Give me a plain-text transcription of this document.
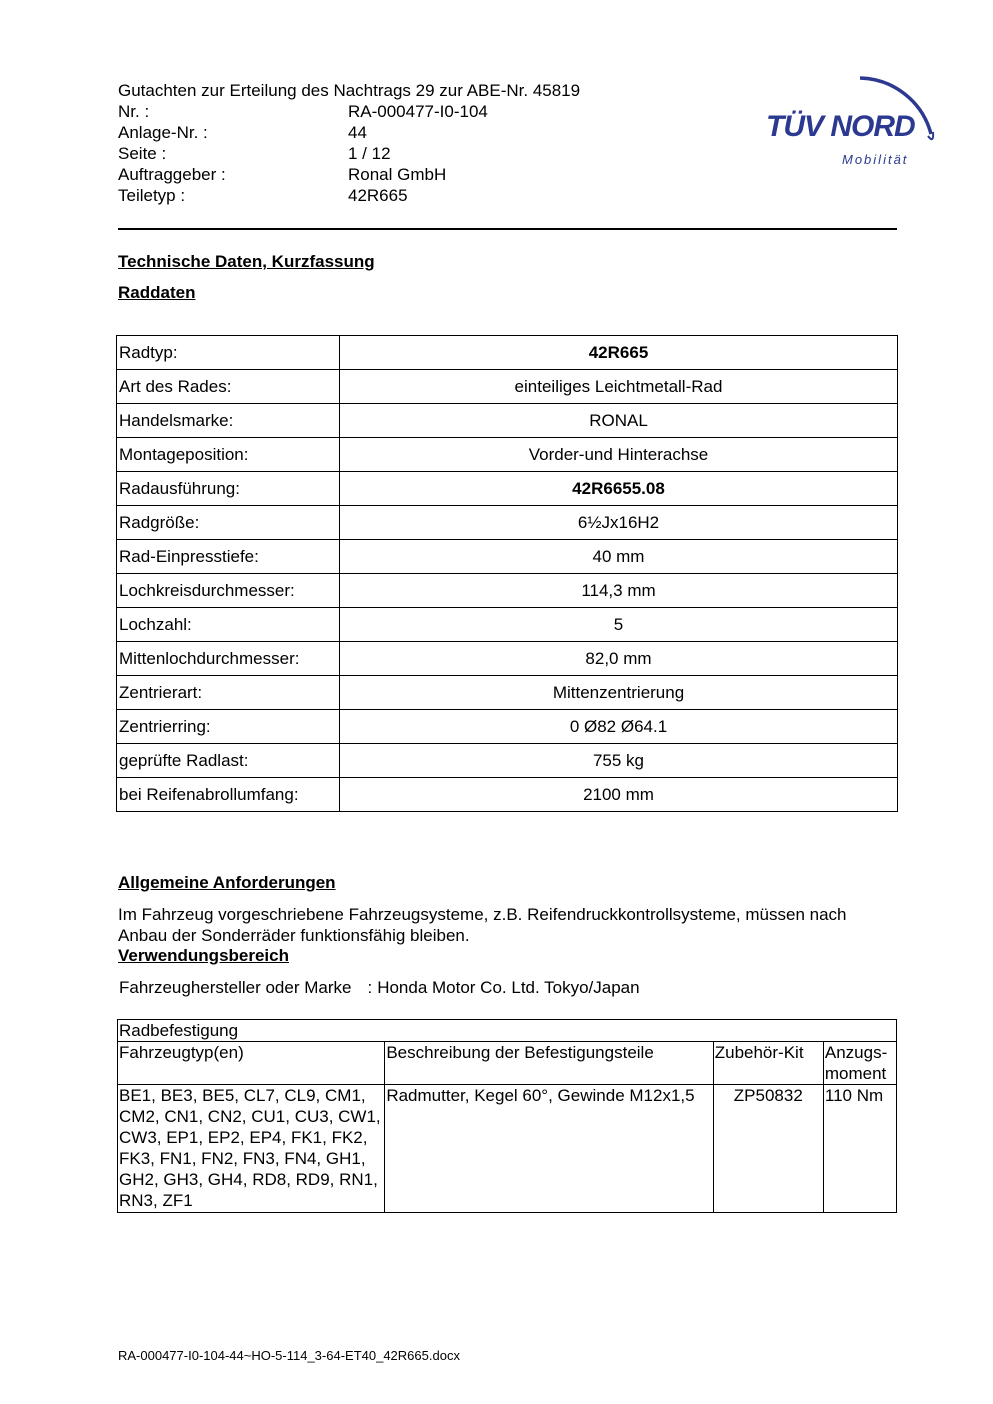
Gutachten zur Erteilung des Nachtrags 29 zur ABE-Nr. 45819
Nr. :	RA-000477-I0-104
Anlage-Nr. :	44
Seite :	1 / 12
Auftraggeber :	Ronal GmbH
Teiletyp :	42R665
TÜV NORD
Mobilität
Technische Daten, Kurzfassung
Raddaten
Radtyp:	42R665
Art des Rades:	einteiliges Leichtmetall-Rad
Handelsmarke:	RONAL
Montageposition:	Vorder-und Hinterachse
Radausführung:	42R6655.08
Radgröße:	6½Jx16H2
Rad-Einpresstiefe:	40 mm
Lochkreisdurchmesser:	114,3 mm
Lochzahl:	5
Mittenlochdurchmesser:	82,0 mm
Zentrierart:	Mittenzentrierung
Zentrierring:	0 Ø82 Ø64.1
geprüfte Radlast:	755 kg
bei Reifenabrollumfang:	2100 mm
Allgemeine Anforderungen
Im Fahrzeug vorgeschriebene Fahrzeugsysteme, z.B. Reifendruckkontrollsysteme, müssen nach Anbau der Sonderräder funktionsfähig bleiben.
Verwendungsbereich
Fahrzeughersteller oder Marke : Honda Motor Co. Ltd. Tokyo/Japan
Radbefestigung			
Fahrzeugtyp(en)	Beschreibung der Befestigungsteile	Zubehör-Kit	Anzugs-moment
BE1, BE3, BE5, CL7, CL9, CM1, CM2, CN1, CN2, CU1, CU3, CW1, CW3, EP1, EP2, EP4, FK1, FK2, FK3, FN1, FN2, FN3, FN4, GH1, GH2, GH3, GH4, RD8, RD9, RN1, RN3, ZF1	Radmutter, Kegel 60°, Gewinde M12x1,5	ZP50832	110 Nm
RA-000477-I0-104-44~HO-5-114_3-64-ET40_42R665.docx
